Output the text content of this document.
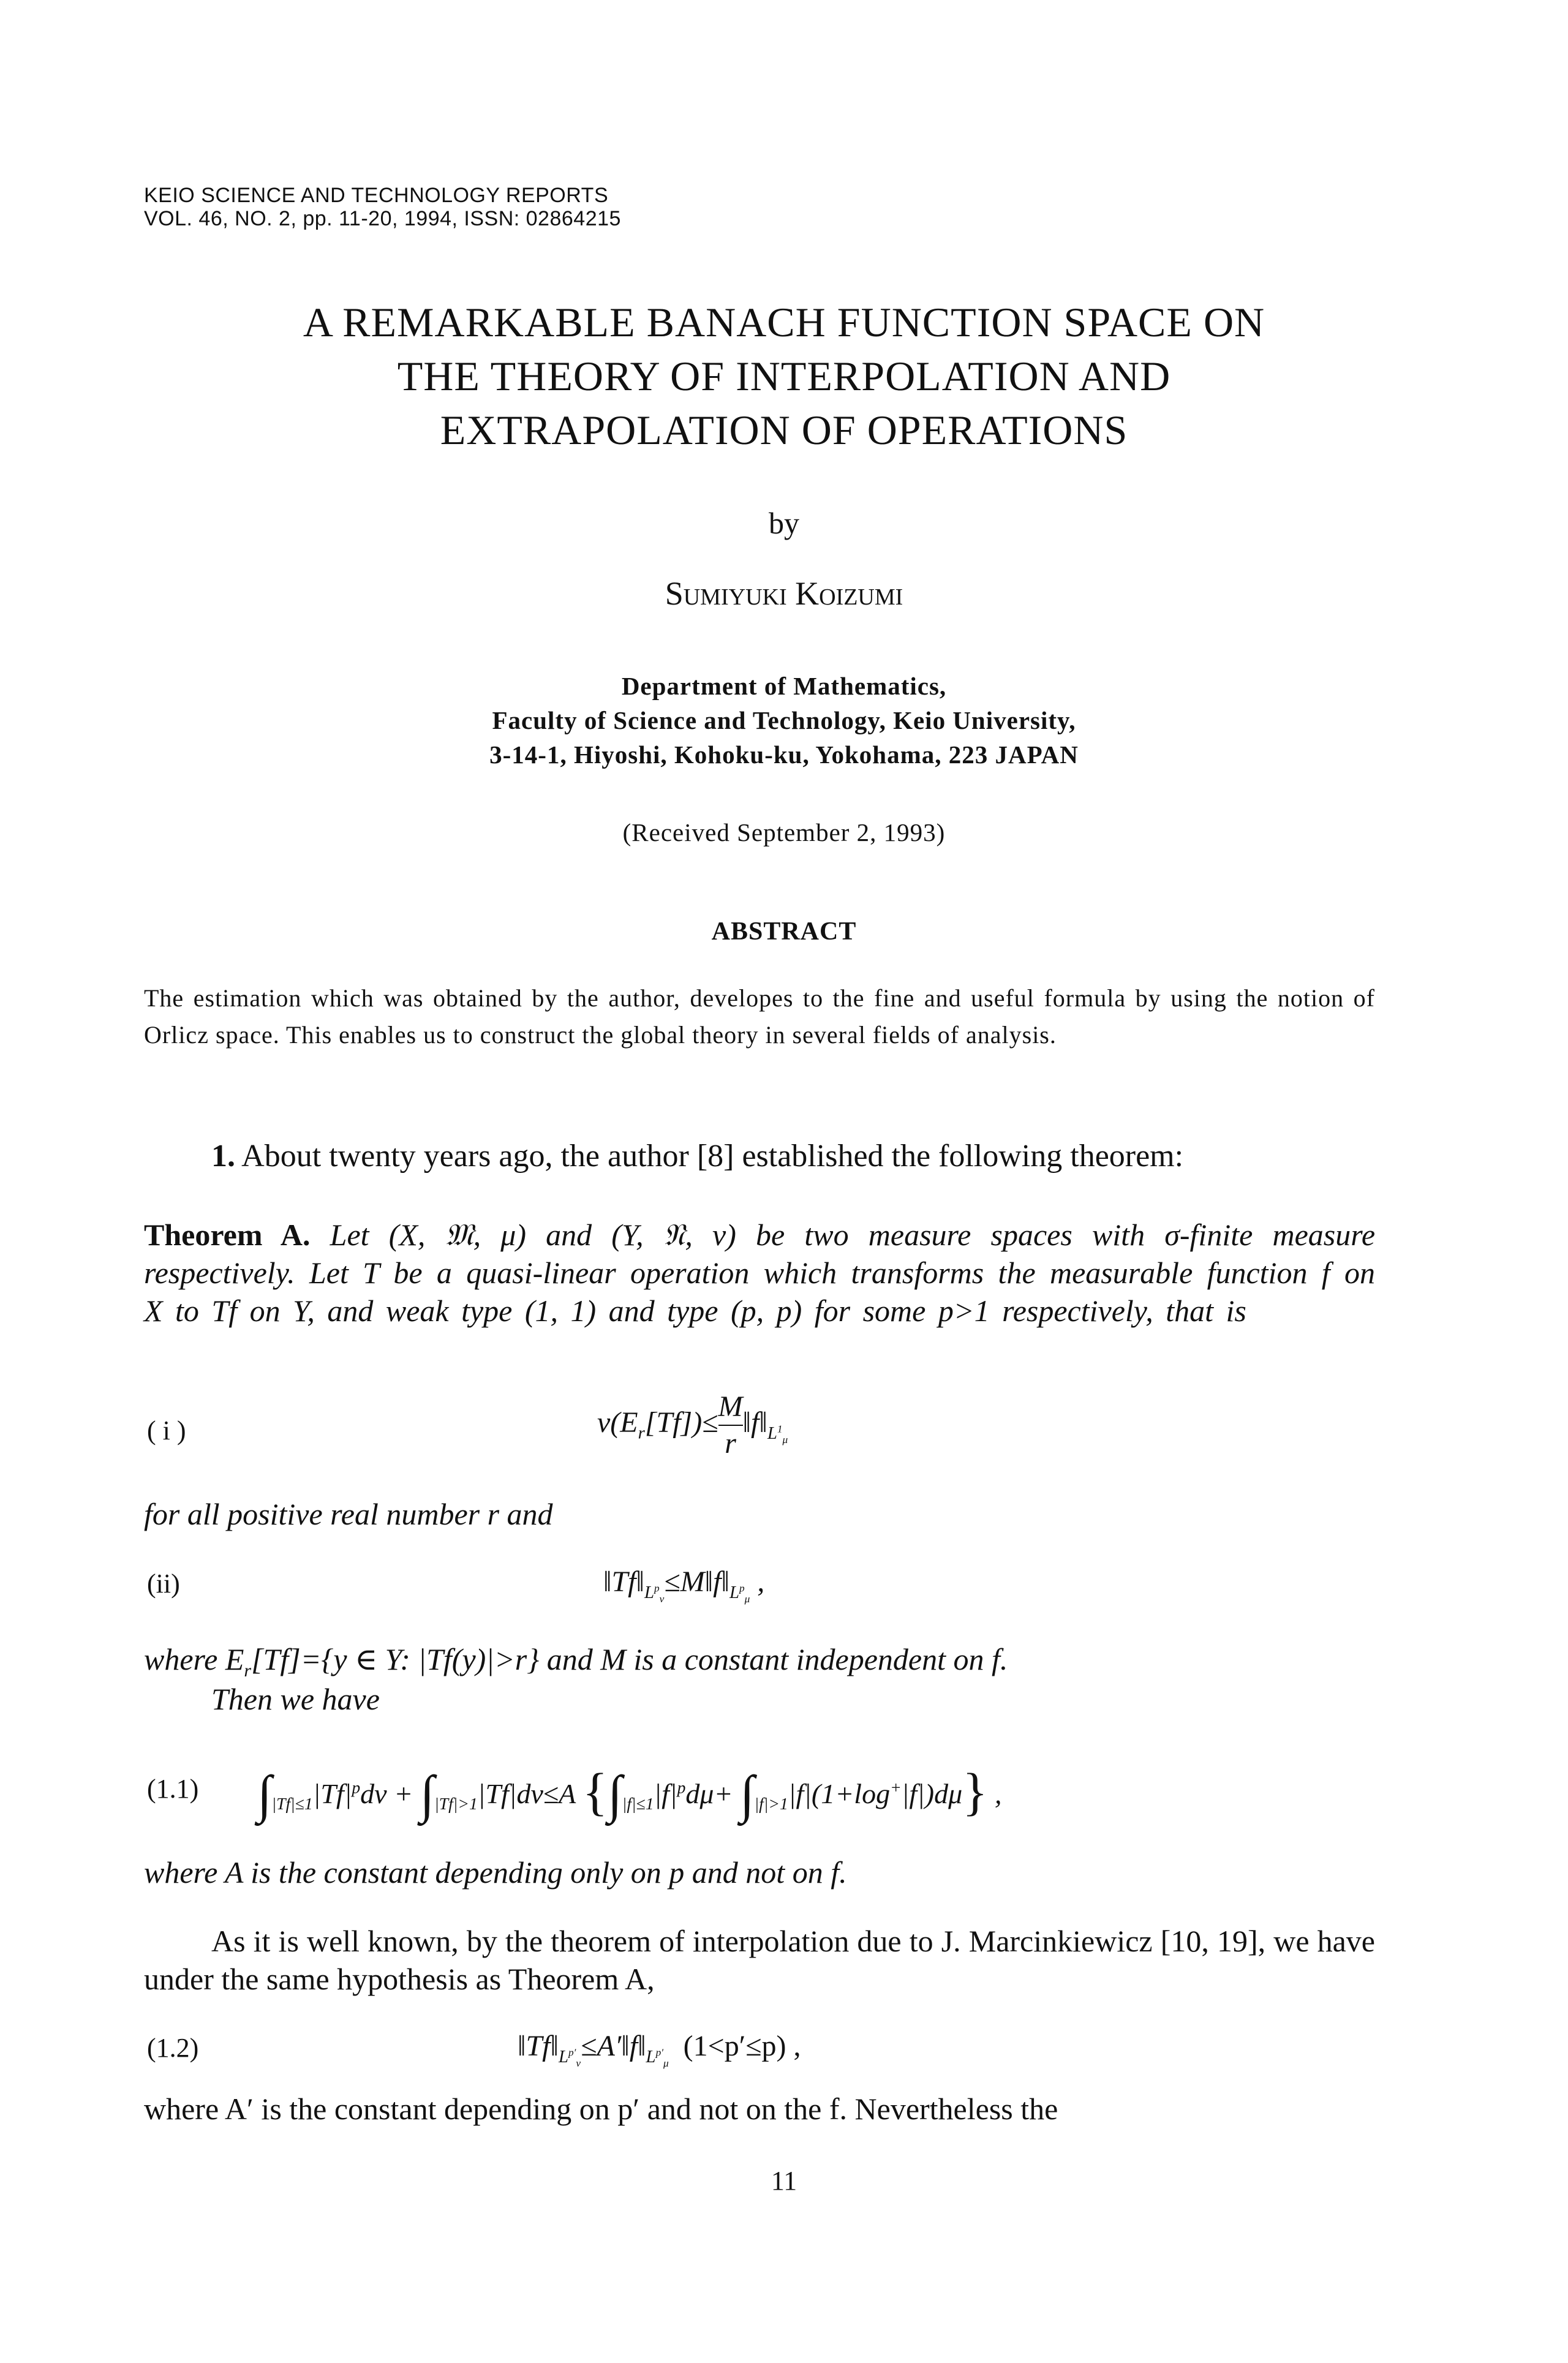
KEIO SCIENCE AND TECHNOLOGY REPORTS
VOL. 46, NO. 2, pp. 11-20, 1994, ISSN: 02864215
A REMARKABLE BANACH FUNCTION SPACE ON
THE THEORY OF INTERPOLATION AND
EXTRAPOLATION OF OPERATIONS
by
Sumiyuki Koizumi
Department of Mathematics,
Faculty of Science and Technology, Keio University,
3-14-1, Hiyoshi, Kohoku-ku, Yokohama, 223 JAPAN
(Received September 2, 1993)
ABSTRACT
The estimation which was obtained by the author, developes to the fine and useful formula by using the notion of Orlicz space. This enables us to construct the global theory in several fields of analysis.
1. About twenty years ago, the author [8] established the following theorem:
Theorem A. Let (X, 𝔐, μ) and (Y, 𝔑, ν) be two measure spaces with σ-finite measure respectively. Let T be a quasi-linear operation which transforms the measurable function f on X to Tf on Y, and weak type (1, 1) and type (p, p) for some p>1 respectively, that is
( i )	$\nu(E_r[Tf])\le \frac{M}{r}$ $‖f‖_{L^1_\mu}$
for all positive real number r and
(ii)	$‖Tf‖_{L^p_\nu}\le M‖f‖_{L^p_\mu}$ ,
where $E_r[Tf]=\{y$ ∈ Y: |Tf(y)|>r} and M is a constant independent on f.
Then we have
(1.1) $\int_{|Tf|\le 1}|Tf|^pd\nu + \int_{|Tf|>1}|Tf|d\nu\le A$ $\{\int_{|f|\le 1}|f|^pd\mu+ \int_{|f|>1}|f|(1+\log^+|f|)d\mu\}$ ,
where A is the constant depending only on p and not on f.
As it is well known, by the theorem of interpolation due to J. Marcinkiewicz [10, 19], we have under the same hypothesis as Theorem A,
(1.2)	$‖Tf‖_{L^{p'}_\nu}\le A'‖f‖_{L^{p'}_\mu}$  (1<p′≤p) ,
where A′ is the constant depending on p′ and not on the f. Nevertheless the
11
